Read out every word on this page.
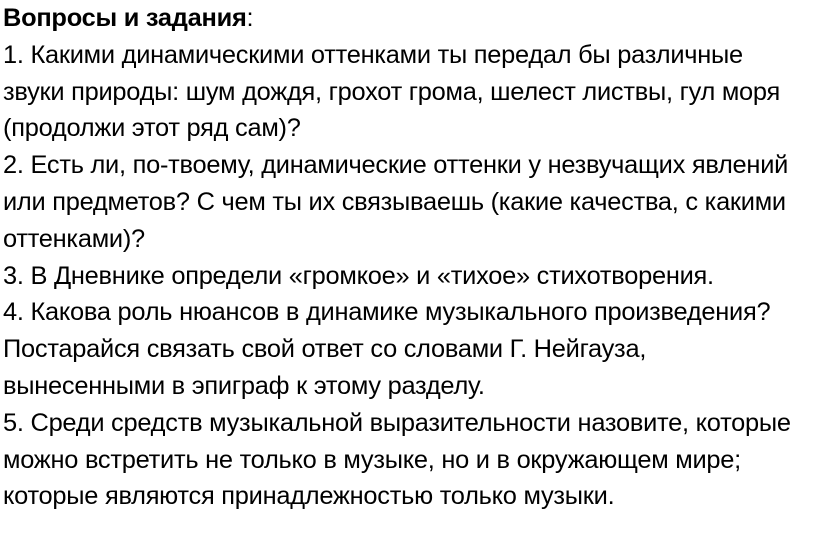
Вопросы и задания:
1. Какими динамическими оттенками ты передал бы различные
звуки природы: шум дождя, грохот грома, шелест листвы, гул моря
(продолжи этот ряд сам)?
2. Есть ли, по-твоему, динамические оттенки у незвучащих явлений
или предметов? С чем ты их связываешь (какие качества, с какими
оттенками)?
3. В Дневнике определи «громкое» и «тихое» стихотворения.
4. Какова роль нюансов в динамике музыкального произведения?
Постарайся связать свой ответ со словами Г. Нейгауза,
вынесенными в эпиграф к этому разделу.
5. Среди средств музыкальной выразительности назовите, которые
можно встретить не только в музыке, но и в окружающем мире;
которые являются принадлежностью только музыки.
